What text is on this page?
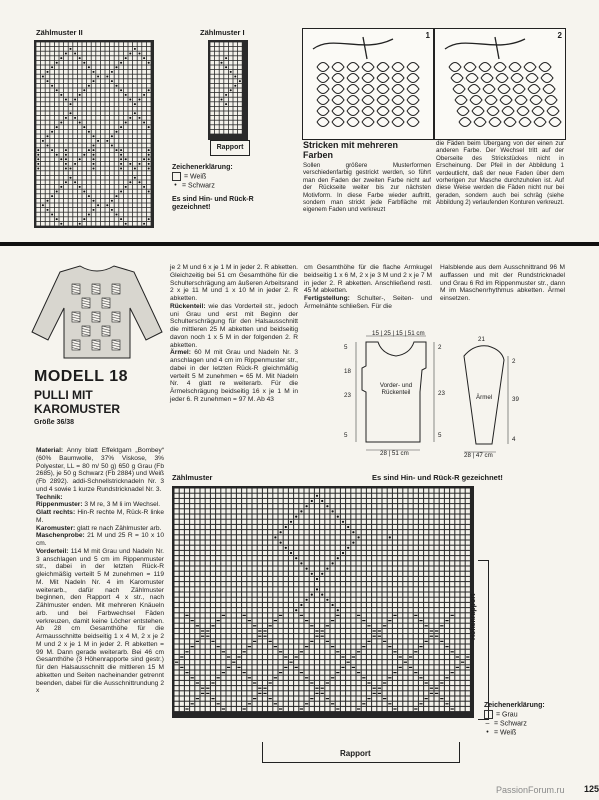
Zählmuster II	Zählmuster I
Rapport
Zeichenerklärung:
= Weiß
• = Schwarz
Es sind Hin- und Rück-R gezeichnet!
1	2
Stricken mit mehreren Farben
Sollen größere Musterformen verschiedenfarbig gestrickt werden, so führt man den Faden der zweiten Farbe nicht auf der Rückseite weiter bis zur nächsten Motivform. In diese Farbe wieder auftritt, sondern man strickt jede Farbfläche mit eigenem Faden und verkreuzt
die Fäden beim Übergang von der einen zur anderen Farbe. Der Wechsel tritt auf der Oberseite des Strickstückes nicht in Erscheinung. Der Pfeil in der Abbildung 1 verdeutlicht, daß der neue Faden über dem vorherigen zur Masche durchzuholen ist. Auf diese Weise werden die Fäden nicht nur bei geraden, sondern auch bei schräg (siehe Abbildung 2) verlaufenden Konturen verkreuzt.
MODELL 18
PULLI MIT
KAROMUSTER
Größe 36/38
Material: Anny blatt Effektgarn „Bombey“ (60% Baumwolle, 37% Viskose, 3% Polyester, LL = 80 m/ 50 g) 650 g Grau (Fb 2685), je 50 g Schwarz (Fb 2884) und Weiß (Fb 2892). addi-Schnellstricknadeln Nr. 3 und 4 sowie 1 kurze Rundstricknadel Nr. 3.
Technik:
Rippenmuster: 3 M re, 3 M li im Wechsel.
Glatt rechts: Hin-R rechte M, Rück-R linke M.
Karomuster: glatt re nach Zählmuster arb.
Maschenprobe: 21 M und 25 R = 10 x 10 cm.
Vorderteil: 114 M mit Grau und Nadeln Nr. 3 anschlagen und 5 cm im Rippenmuster str., dabei in der letzten Rück-R gleichmäßig verteilt 5 M zunehmen = 119 M. Mit Nadeln Nr. 4 im Karomuster weiterarb., dafür nach Zählmuster beginnen, den Rapport 4 x str., nach Zählmuster enden. Mit mehreren Knäueln arb. und bei Farbwechsel Fäden verkreuzen, damit keine Löcher entstehen. Ab 28 cm Gesamthöhe für die Armausschnitte beidseitig 1 x 4 M, 2 x je 2 M und 2 x je 1 M in jeder 2. R abketten = 99 M. Dann gerade weiterarb. Bei 46 cm Gesamthöhe (3 Höhenrapporte sind gestr.) für den Halsausschnitt die mittleren 15 M abketten und Seiten nacheinander getrennt beenden, dabei für die Ausschnittrundung 2 x
je 2 M und 6 x je 1 M in jeder 2. R abketten. Gleichzeitig bei 51 cm Gesamthöhe für die Schulterschrägung am äußeren Arbeitsrand 2 x je 11 M und 1 x 10 M in jeder 2. R abketten.
Rückenteil: wie das Vorderteil str., jedoch uni Grau und erst mit Beginn der Schulterschrägung für den Halsausschnitt die mittleren 25 M abketten und beidseitig davon noch 1 x 5 M in der folgenden 2. R abketten.
Ärmel: 60 M mit Grau und Nadeln Nr. 3 anschlagen und 4 cm im Rippenmuster str., dabei in der letzten Rück-R gleichmäßig verteilt 5 M zunehmen = 65 M. Mit Nadeln Nr. 4 glatt re weiterarb. Für die Ärmelschrägung beidseitig 16 x je 1 M in jeder 6. R zunehmen = 97 M. Ab 43
cm Gesamthöhe für die flache Armkugel beidseitig 1 x 6 M, 2 x je 3 M und 2 x je 7 M in jeder 2. R abketten. Anschließend restl. 45 M abketten.
Fertigstellung: Schulter-, Seiten- und Ärmelnähte schließen. Für die
Halsblende aus dem Ausschnittrand 96 M auffassen und mit der Rundstricknadel und Grau 6 Rd im Rippenmuster str., dann M im Maschenrhythmus abketten. Ärmel einsetzen.
15 | 25 | 15 | 51 cm
Vorder- und Rückenteil
5
18
23
5
2
23
5
28 | 51 cm
Ärmel	39
2
4
28 | 47 cm
21
Zählmuster	Es sind Hin- und Rück-R gezeichnet!
Höhenrapport
Rapport
Zeichenerklärung:
= Grau
– = Schwarz
• = Weiß
PassionForum.ru 125
